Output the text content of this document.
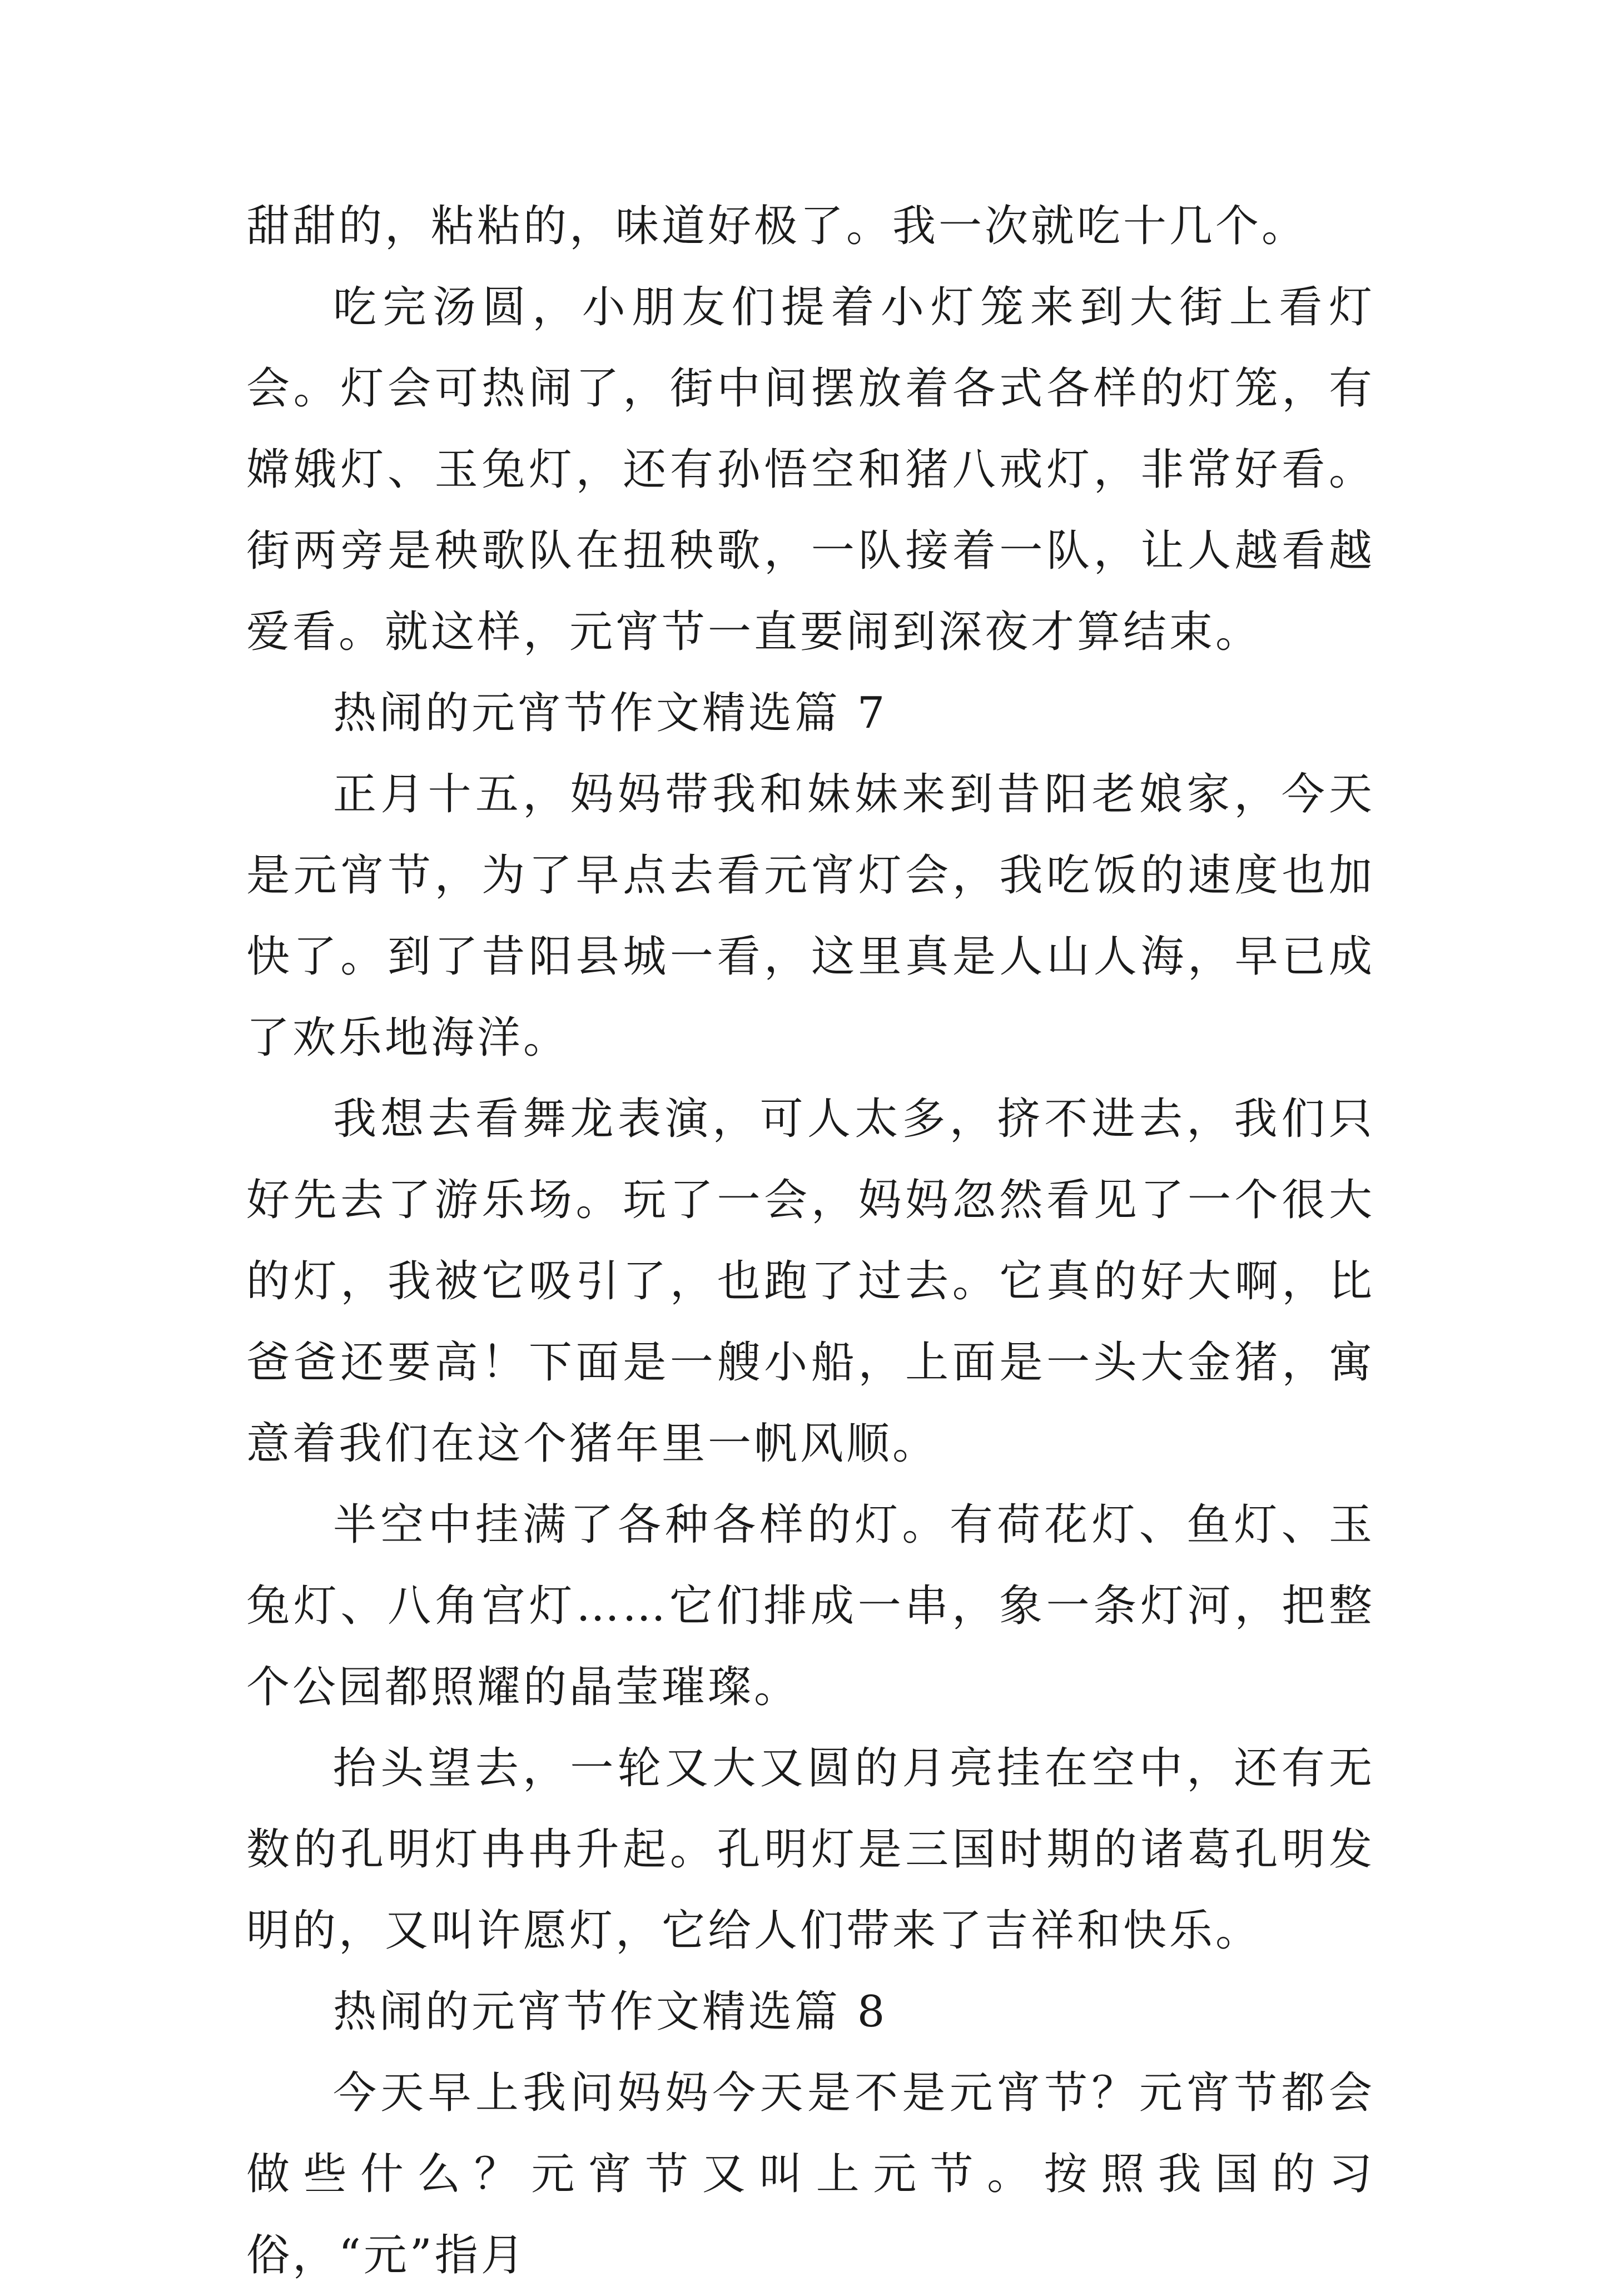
甜甜的，粘粘的，味道好极了。我一次就吃十几个。

吃完汤圆，小朋友们提着小灯笼来到大街上看灯会。灯会可热闹了，街中间摆放着各式各样的灯笼，有嫦娥灯、玉兔灯，还有孙悟空和猪八戒灯，非常好看。街两旁是秧歌队在扭秧歌，一队接着一队，让人越看越爱看。就这样，元宵节一直要闹到深夜才算结束。

热闹的元宵节作文精选篇 7

正月十五，妈妈带我和妹妹来到昔阳老娘家，今天是元宵节，为了早点去看元宵灯会，我吃饭的速度也加快了。到了昔阳县城一看，这里真是人山人海，早已成了欢乐地海洋。

我想去看舞龙表演，可人太多，挤不进去，我们只好先去了游乐场。玩了一会，妈妈忽然看见了一个很大的灯，我被它吸引了，也跑了过去。它真的好大啊，比爸爸还要高！下面是一艘小船，上面是一头大金猪，寓意着我们在这个猪年里一帆风顺。

半空中挂满了各种各样的灯。有荷花灯、鱼灯、玉兔灯、八角宫灯……它们排成一串，象一条灯河，把整个公园都照耀的晶莹璀璨。

抬头望去，一轮又大又圆的月亮挂在空中，还有无数的孔明灯冉冉升起。孔明灯是三国时期的诸葛孔明发明的，又叫许愿灯，它给人们带来了吉祥和快乐。

热闹的元宵节作文精选篇 8

今天早上我问妈妈今天是不是元宵节？元宵节都会做些什么？元宵节又叫上元节。按照我国的习俗，“元”指月
